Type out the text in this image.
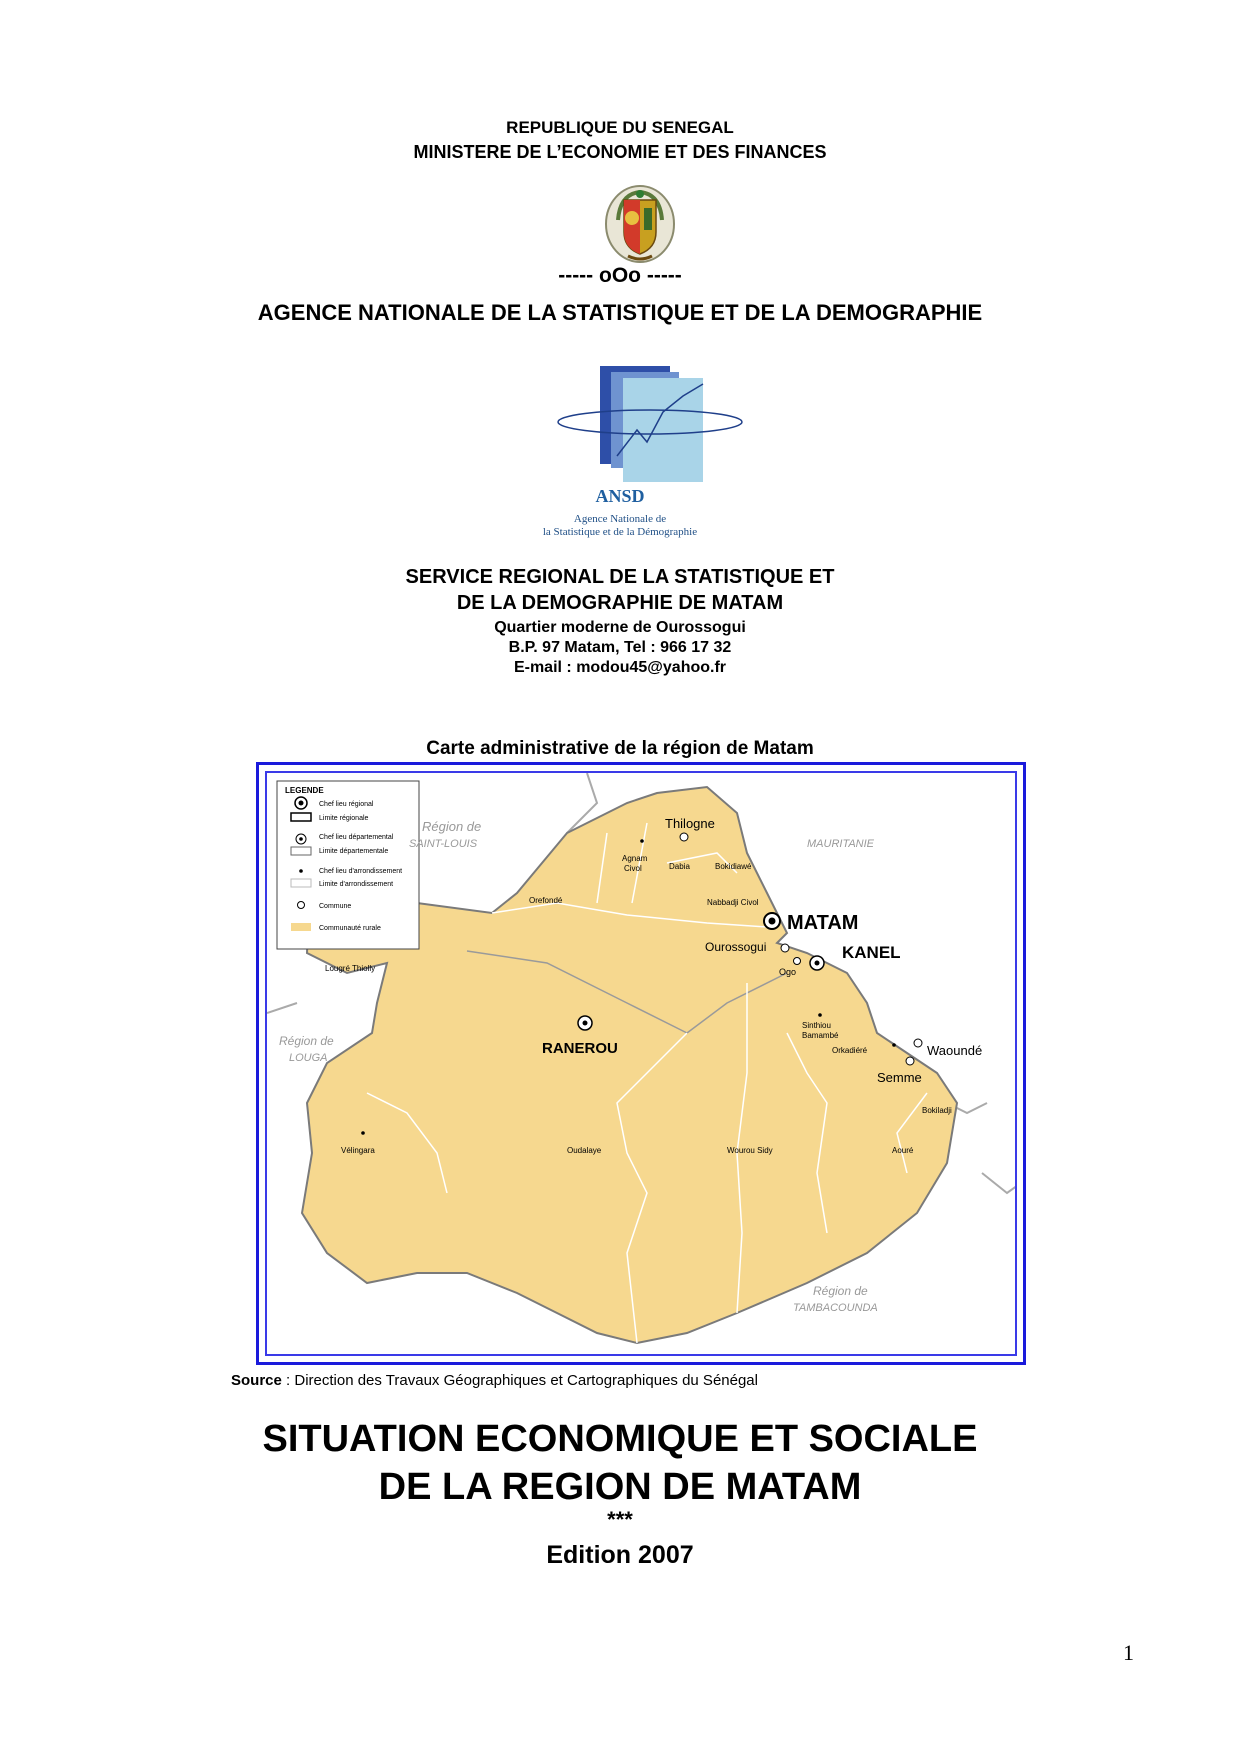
REPUBLIQUE DU SENEGAL
MINISTERE DE L’ECONOMIE ET DES FINANCES
----- oOo -----
AGENCE NATIONALE DE LA STATISTIQUE ET DE LA DEMOGRAPHIE
ANSD
Agence Nationale de
la Statistique et de la Démographie
SERVICE REGIONAL DE LA STATISTIQUE ET
DE LA DEMOGRAPHIE DE MATAM
Quartier moderne de Ourossogui
B.P. 97 Matam, Tel : 966 17 32
E-mail : modou45@yahoo.fr
Carte administrative de la région de Matam
LEGENDE
Chef lieu régional
Limite régionale
Chef lieu départemental
Limite départementale
Chef lieu d'arrondissement
Limite d'arrondissement
Commune
Communauté rurale
Région de
SAINT-LOUIS	MAURITANIE
Région de
LOUGA
Région de
TAMBACOUNDA
MATAM
KANEL
RANEROU
Thilogne
Ourossogui
Ogo
Waoundé
Semme
Agnam
Civol	Dabia	Bokidiawé
Orefondé	Nabbadji Civol
Lougré Thiolly
Sinthiou
Bamambé
Orkadiéré
Vélingara	Oudalaye	Wourou Sidy	Aouré
Bokiladji
Source : Direction des Travaux Géographiques et Cartographiques du Sénégal
SITUATION ECONOMIQUE ET SOCIALE
DE LA REGION DE MATAM
***
Edition 2007
1
